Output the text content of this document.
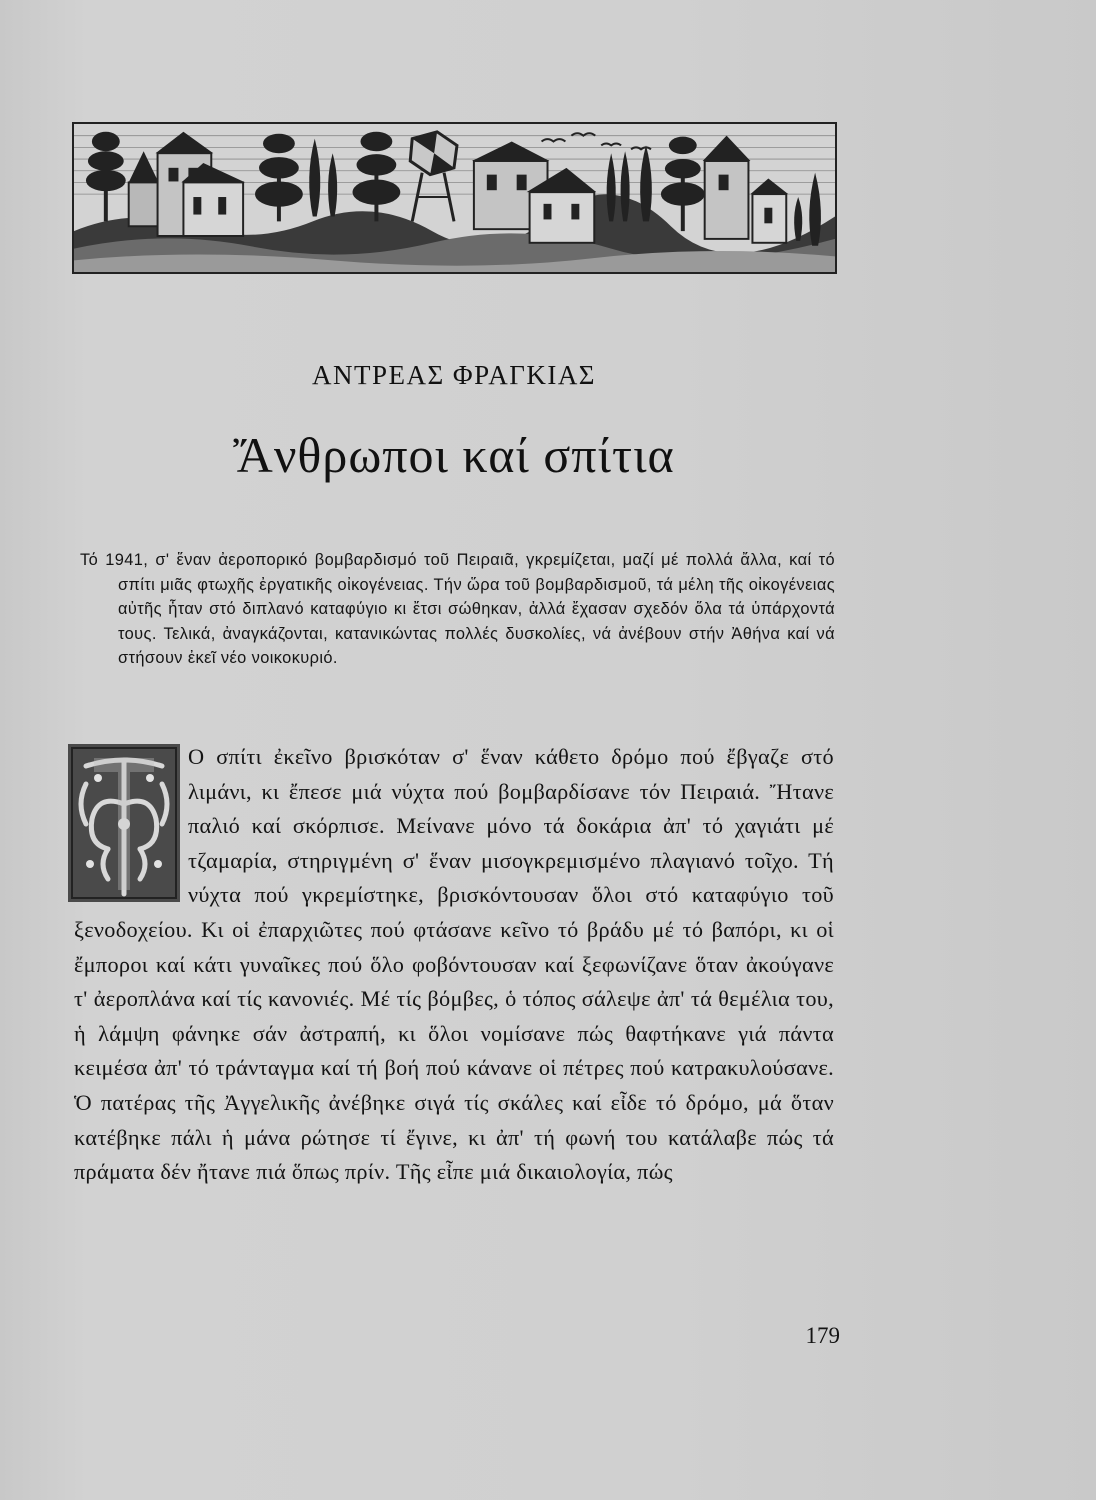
ΑΝΤΡΕΑΣ ΦΡΑΓΚΙΑΣ
Ἄνθρωποι καί σπίτια

Τό 1941, σ' ἕναν ἀεροπορικό βομβαρδισμό τοῦ Πειραιᾶ, γκρεμίζεται, μαζί μέ πολλά ἄλλα, καί τό σπίτι μιᾶς φτωχῆς ἐργατικῆς οἰκογένειας. Τήν ὥρα τοῦ βομβαρδισμοῦ, τά μέλη τῆς οἰκογένειας αὐτῆς ἦταν στό διπλανό καταφύγιο κι ἔτσι σώθηκαν, ἀλλά ἔχασαν σχεδόν ὅλα τά ὑπάρχοντά τους. Τελικά, ἀναγκάζονται, κατανικώντας πολλές δυσκολίες, νά ἀνέβουν στήν Ἀθήνα καί νά στήσουν ἐκεῖ νέο νοικοκυριό.

Ο σπίτι ἐκεῖνο βρισκόταν σ' ἕναν κάθετο δρόμο πού ἔβγαζε στό λιμάνι, κι ἔπεσε μιά νύχτα πού βομβαρδίσανε τόν Πειραιά. Ἤτανε παλιό καί σκόρπισε. Μείνανε μόνο τά δοκάρια ἀπ' τό χαγιάτι μέ τζαμαρία, στηριγμένη σ' ἕναν μισογκρεμισμένο πλαγιανό τοῖχο. Τή νύχτα πού γκρεμίστηκε, βρισκόντουσαν ὅλοι στό καταφύγιο τοῦ ξενοδοχείου. Κι οἱ ἐπαρχιῶτες πού φτάσανε κεῖνο τό βράδυ μέ τό βαπόρι, κι οἱ ἔμποροι καί κάτι γυναῖκες πού ὅλο φοβόντουσαν καί ξεφωνίζανε ὅταν ἀκούγανε τ' ἀεροπλάνα καί τίς κανονιές. Μέ τίς βόμβες, ὁ τόπος σάλεψε ἀπ' τά θεμέλια του, ἡ λάμψη φάνηκε σάν ἀστραπή, κι ὅλοι νομίσανε πώς θαφτήκανε γιά πάντα κειμέσα ἀπ' τό τράνταγμα καί τή βοή πού κάνανε οἱ πέτρες πού κατρακυλούσανε. Ὁ πατέρας τῆς Ἀγγελικῆς ἀνέβηκε σιγά τίς σκάλες καί εἶδε τό δρόμο, μά ὅταν κατέβηκε πάλι ἡ μάνα ρώτησε τί ἔγινε, κι ἀπ' τή φωνή του κατάλαβε πώς τά πράματα δέν ἤτανε πιά ὅπως πρίν. Τῆς εἶπε μιά δικαιολογία, πώς
179
